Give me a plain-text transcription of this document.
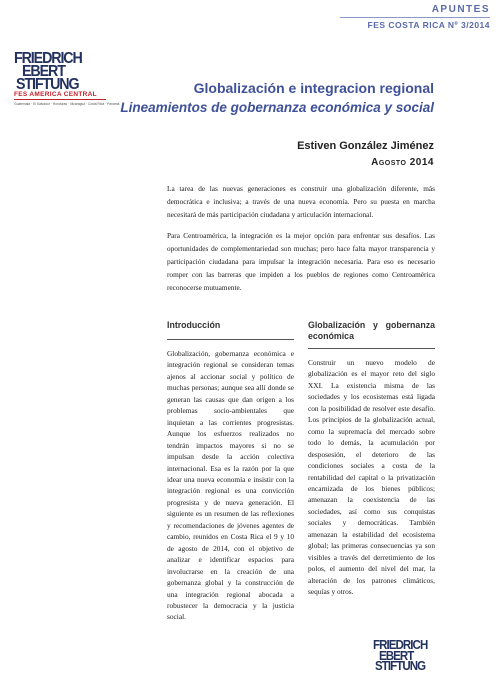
APUNTES
FES COSTA RICA Nº 3/2014
FRIEDRICH
EBERT
STIFTUNG
FES AMERICA CENTRAL
Guatemala · El Salvador · Honduras · Nicaragua · Costa Rica · Panamá
Globalización e integracion regional
Lineamientos de gobernanza económica y social
Estiven González Jiménez
Agosto 2014

La tarea de las nuevas generaciones es construir una globalización diferente, más democrática e inclusiva; a través de una nueva economía. Pero su puesta en marcha necesitará de más participación ciudadana y articulación internacional.

Para Centroamérica, la integración es la mejor opción para enfrentar sus desafíos. Las oportunidades de complementariedad son muchas; pero hace falta mayor transparencia y participación ciudadana para impulsar la integración necesaria. Para eso es necesario romper con las barreras que impiden a los pueblos de regiones como Centroamérica reconocerse mutuamente.

Introducción
Globalización, gobernanza económica e integración regional se consideran temas ajenos al accionar social y político de muchas personas; aunque sea allí donde se generan las causas que dan origen a los problemas socio-ambientales que inquietan a las corrientes progresistas. Aunque los esfuerzos realizados no tendrán impactos mayores si no se impulsan desde la acción colectiva internacional. Esa es la razón por la que idear una nueva economía e insistir con la integración regional es una convicción progresista y de nueva generación. El siguiente es un resumen de las reflexiones y recomendaciones de jóvenes agentes de cambio, reunidos en Costa Rica el 9 y 10 de agosto de 2014, con el objetivo de analizar e identificar espacios para involucrarse en la creación de una gobernanza global y la construcción de una integración regional abocada a robustecer la democracia y la justicia social.
Globalización y gobernanza económica
Construir un nuevo modelo de globalización es el mayor reto del siglo XXI. La existencia misma de las sociedades y los ecosistemas está ligada con la posibilidad de resolver este desafío. Los principios de la globalización actual, como la supremacía del mercado sobre todo lo demás, la acumulación por desposesión, el deterioro de las condiciones sociales a costa de la rentabilidad del capital o la privatización encarnizada de los bienes públicos; amenazan la coexistencia de las sociedades, así como sus conquistas sociales y democráticas. También amenazan la estabilidad del ecosistema global; las primeras consecuencias ya son visibles a través del derretimiento de los polos, el aumento del nivel del mar, la alteración de los patrones climáticos, sequías y otros.
FRIEDRICH
EBERT
STIFTUNG
